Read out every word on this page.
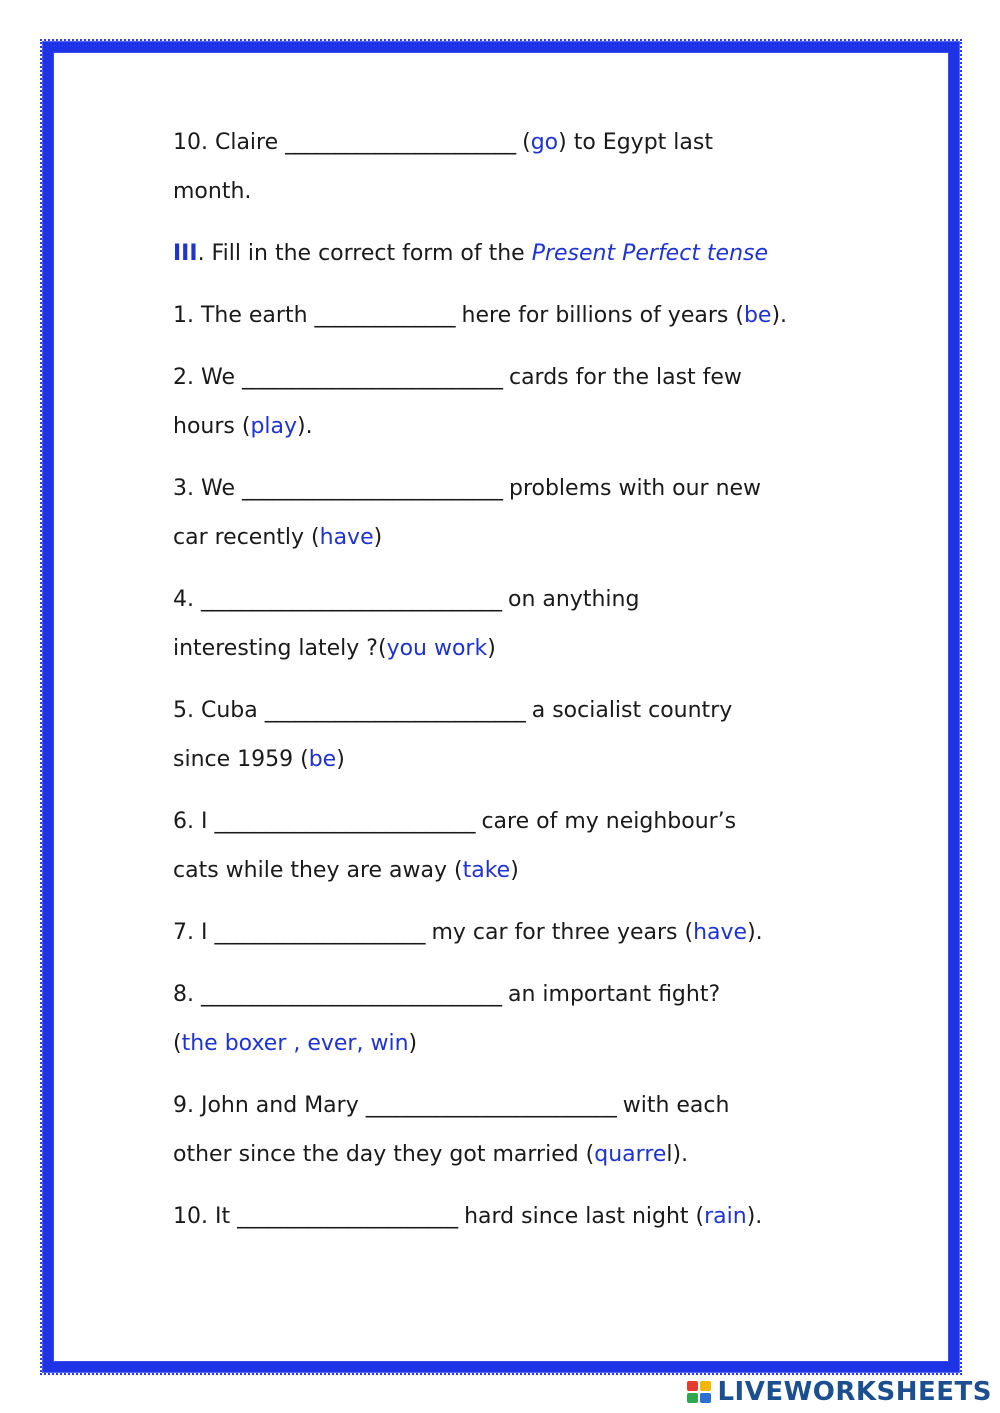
10. Claire _______________________ (go) to Egypt last
month.
III. Fill in the correct form of the Present Perfect tense
1. The earth ______________ here for billions of years (be).
2. We __________________________ cards for the last few
hours (play).
3. We __________________________ problems with our new
car recently (have)
4. ______________________________ on anything
interesting lately ?(you work)
5. Cuba __________________________ a socialist country
since 1959 (be)
6. I __________________________ care of my neighbour’s
cats while they are away (take)
7. I _____________________ my car for three years (have).
8. ______________________________ an important fight?
(the boxer , ever, win)
9. John and Mary _________________________ with each
other since the day they got married (quarrel).
10. It ______________________ hard since last night (rain).
LIVEWORKSHEETS
